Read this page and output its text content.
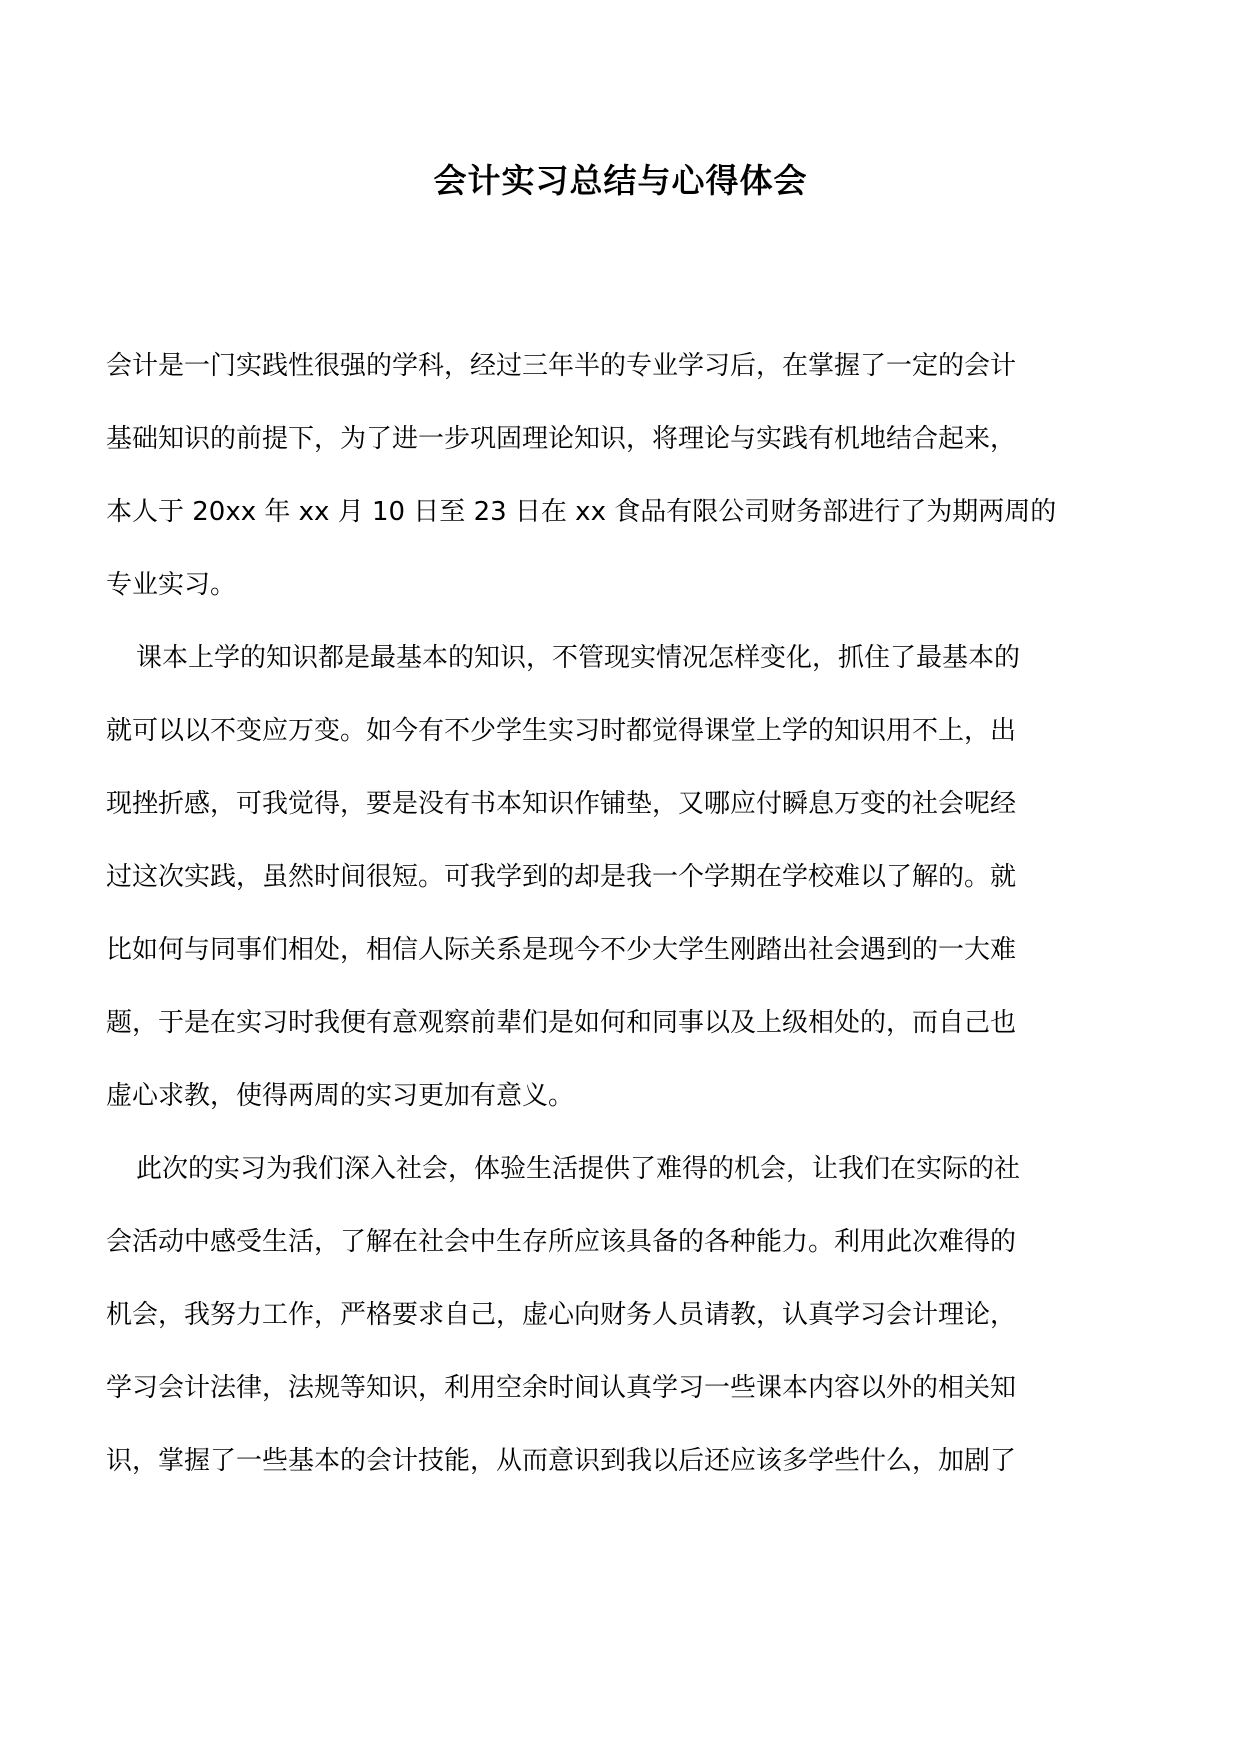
会计实习总结与心得体会
会计是一门实践性很强的学科，经过三年半的专业学习后，在掌握了一定的会计
基础知识的前提下，为了进一步巩固理论知识，将理论与实践有机地结合起来，
本人于 20xx 年 xx 月 10 日至 23 日在 xx 食品有限公司财务部进行了为期两周的
专业实习。
课本上学的知识都是最基本的知识，不管现实情况怎样变化，抓住了最基本的
就可以以不变应万变。如今有不少学生实习时都觉得课堂上学的知识用不上，出
现挫折感，可我觉得，要是没有书本知识作铺垫，又哪应付瞬息万变的社会呢经
过这次实践，虽然时间很短。可我学到的却是我一个学期在学校难以了解的。就
比如何与同事们相处，相信人际关系是现今不少大学生刚踏出社会遇到的一大难
题，于是在实习时我便有意观察前辈们是如何和同事以及上级相处的，而自己也
虚心求教，使得两周的实习更加有意义。
此次的实习为我们深入社会，体验生活提供了难得的机会，让我们在实际的社
会活动中感受生活，了解在社会中生存所应该具备的各种能力。利用此次难得的
机会，我努力工作，严格要求自己，虚心向财务人员请教，认真学习会计理论，
学习会计法律，法规等知识，利用空余时间认真学习一些课本内容以外的相关知
识，掌握了一些基本的会计技能，从而意识到我以后还应该多学些什么，加剧了
